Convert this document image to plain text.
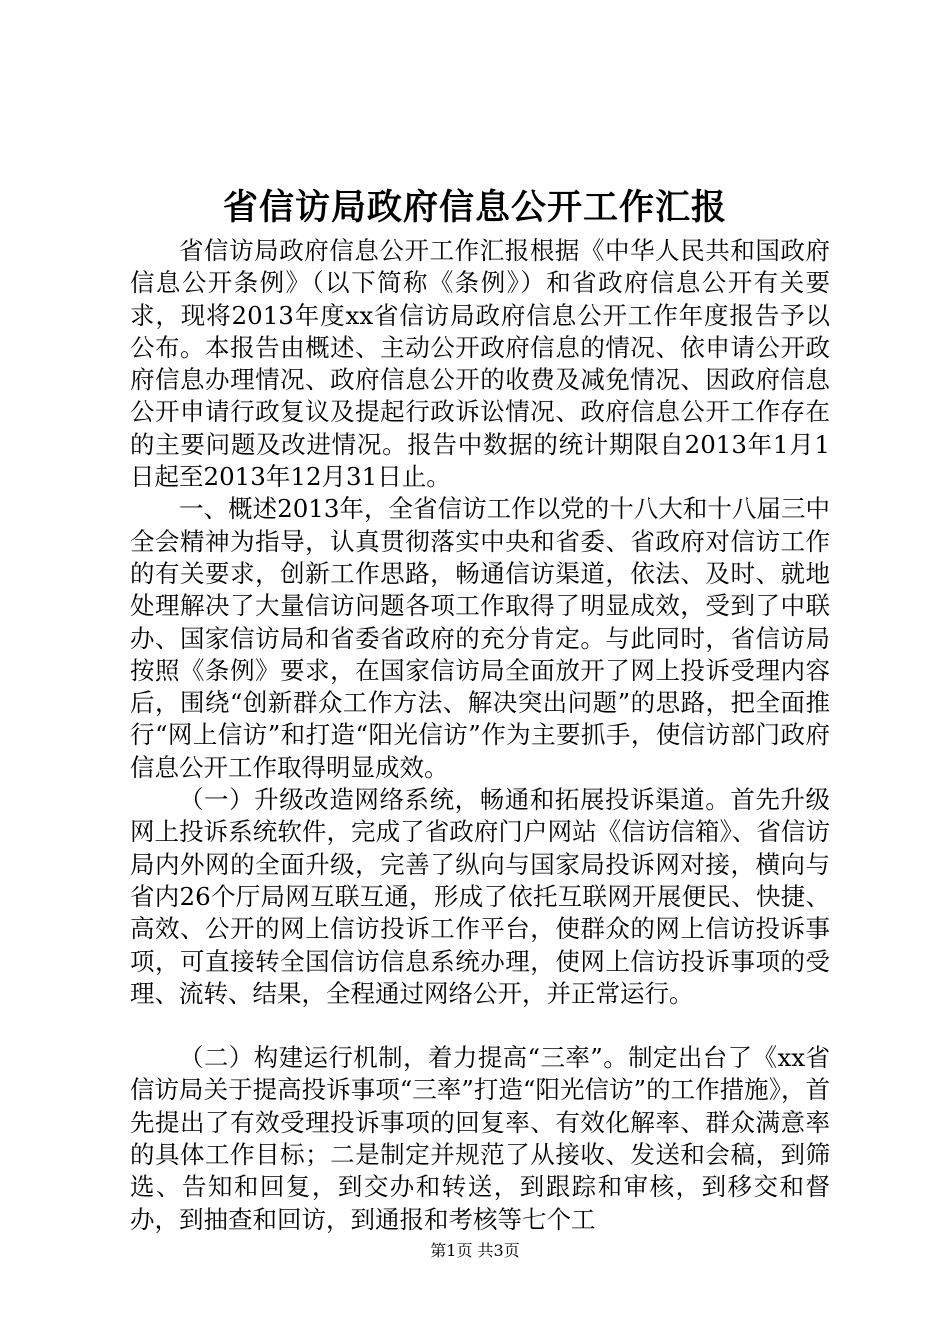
省信访局政府信息公开工作汇报

省信访局政府信息公开工作汇报根据《中华人民共和国政府信息公开条例》（以下简称《条例》）和省政府信息公开有关要求，现将2013年度xx省信访局政府信息公开工作年度报告予以公布。本报告由概述、主动公开政府信息的情况、依申请公开政府信息办理情况、政府信息公开的收费及减免情况、因政府信息公开申请行政复议及提起行政诉讼情况、政府信息公开工作存在的主要问题及改进情况。报告中数据的统计期限自2013年1月1日起至2013年12月31日止。

一、概述2013年，全省信访工作以党的十八大和十八届三中全会精神为指导，认真贯彻落实中央和省委、省政府对信访工作的有关要求，创新工作思路，畅通信访渠道，依法、及时、就地处理解决了大量信访问题各项工作取得了明显成效，受到了中联办、国家信访局和省委省政府的充分肯定。与此同时，省信访局按照《条例》要求，在国家信访局全面放开了网上投诉受理内容后，围绕“创新群众工作方法、解决突出问题”的思路，把全面推行“网上信访”和打造“阳光信访”作为主要抓手，使信访部门政府信息公开工作取得明显成效。

（一）升级改造网络系统，畅通和拓展投诉渠道。首先升级网上投诉系统软件，完成了省政府门户网站《信访信箱》、省信访局内外网的全面升级，完善了纵向与国家局投诉网对接，横向与省内26个厅局网互联互通，形成了依托互联网开展便民、快捷、高效、公开的网上信访投诉工作平台，使群众的网上信访投诉事项，可直接转全国信访信息系统办理，使网上信访投诉事项的受理、流转、结果，全程通过网络公开，并正常运行。

（二）构建运行机制，着力提高“三率”。制定出台了《xx省信访局关于提高投诉事项“三率”打造“阳光信访”的工作措施》，首先提出了有效受理投诉事项的回复率、有效化解率、群众满意率的具体工作目标；二是制定并规范了从接收、发送和会稿，到筛选、告知和回复，到交办和转送，到跟踪和审核，到移交和督办，到抽查和回访，到通报和考核等七个工

第1页 共3页
